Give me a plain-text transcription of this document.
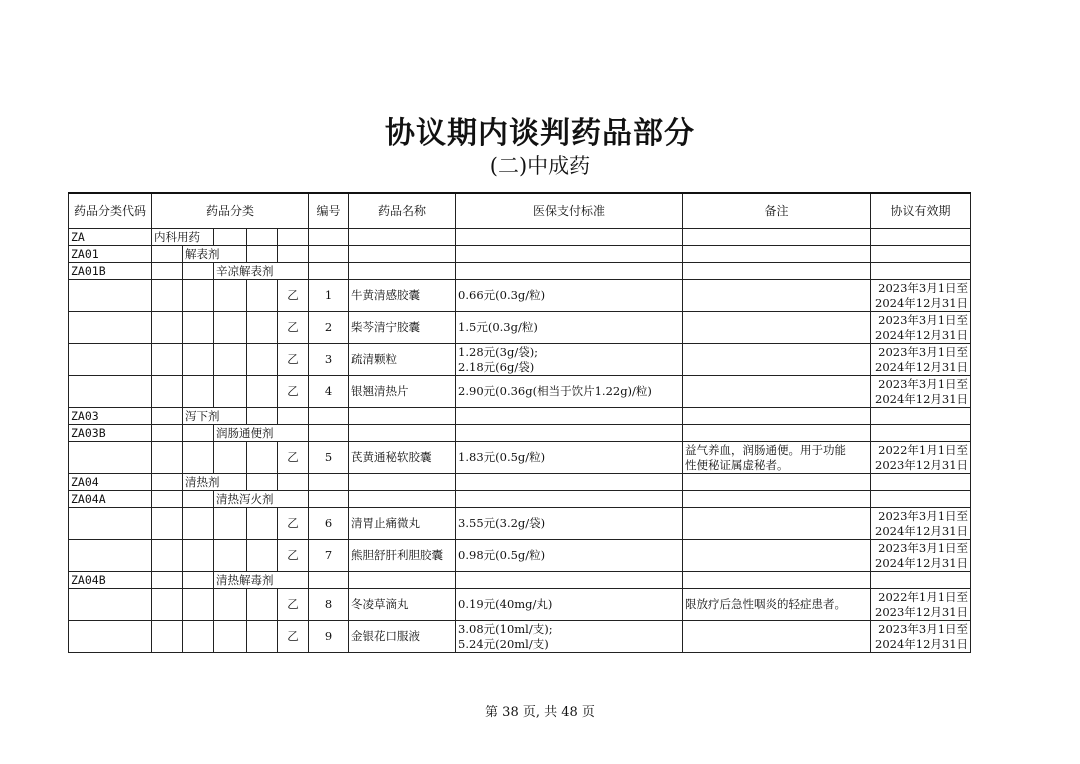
协议期内谈判药品部分
(二)中成药
药品分类代码	药品分类					编号	药品名称	医保支付标准	备注	协议有效期
ZA	内科用药									
ZA01		解表剂								
ZA01B			辛凉解表剂							
					乙	1	牛黄清感胶囊	0.66元(0.3g/粒)		2023年3月1日至
2024年12月31日
					乙	2	柴芩清宁胶囊	1.5元(0.3g/粒)		2023年3月1日至
2024年12月31日
					乙	3	疏清颗粒	1.28元(3g/袋);
2.18元(6g/袋)		2023年3月1日至
2024年12月31日
					乙	4	银翘清热片	2.90元(0.36g(相当于饮片1.22g)/粒)		2023年3月1日至
2024年12月31日
ZA03		泻下剂								
ZA03B			润肠通便剂							
					乙	5	芪黄通秘软胶囊	1.83元(0.5g/粒)	益气养血，润肠通便。用于功能
性便秘证属虚秘者。	2022年1月1日至
2023年12月31日
ZA04		清热剂								
ZA04A			清热泻火剂							
					乙	6	清胃止痛微丸	3.55元(3.2g/袋)		2023年3月1日至
2024年12月31日
					乙	7	熊胆舒肝利胆胶囊	0.98元(0.5g/粒)		2023年3月1日至
2024年12月31日
ZA04B			清热解毒剂							
					乙	8	冬凌草滴丸	0.19元(40mg/丸)	限放疗后急性咽炎的轻症患者。	2022年1月1日至
2023年12月31日
					乙	9	金银花口服液	3.08元(10ml/支);
5.24元(20ml/支)		2023年3月1日至
2024年12月31日
第 38 页, 共 48 页
